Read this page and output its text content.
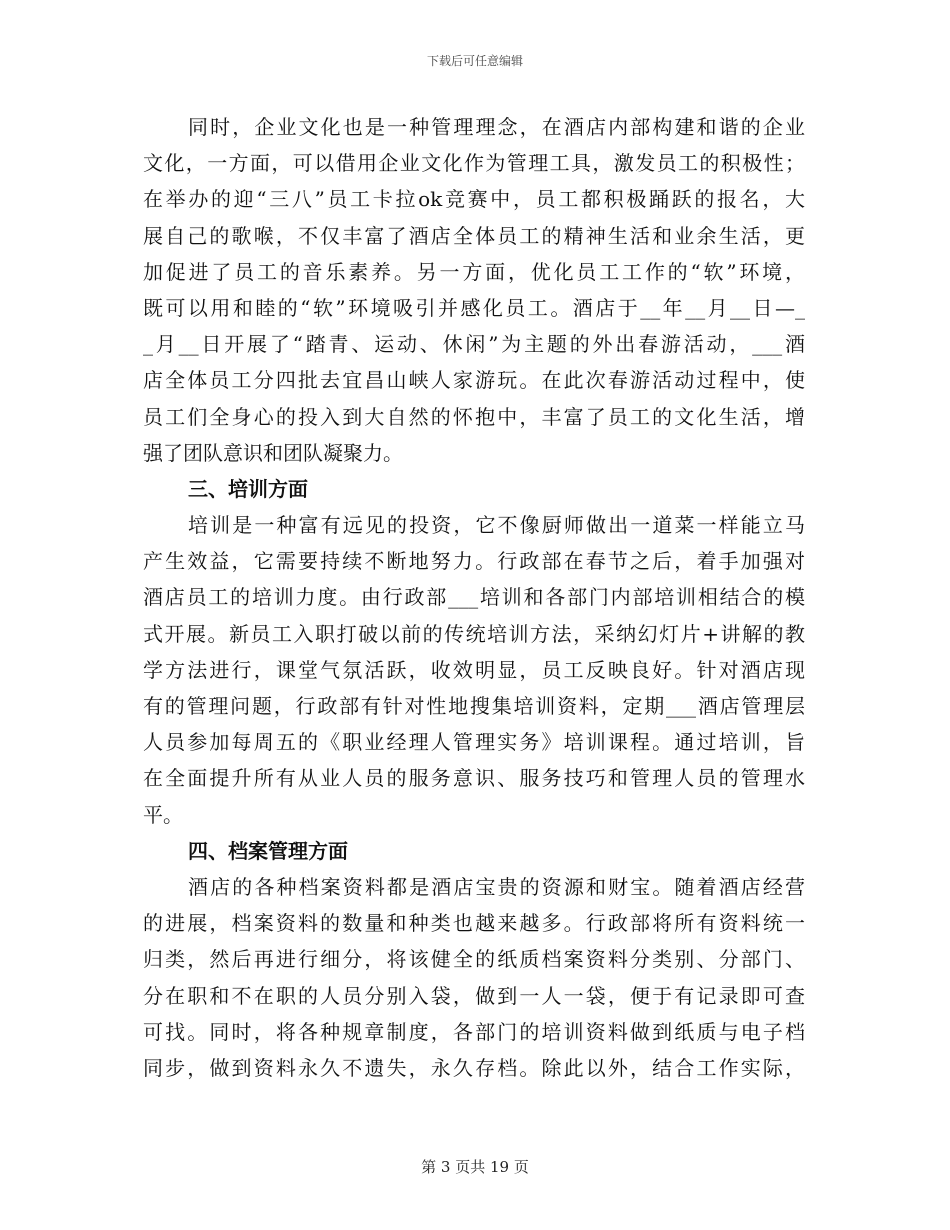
下载后可任意编辑
同时，企业文化也是一种管理理念，在酒店内部构建和谐的企业
文化，一方面，可以借用企业文化作为管理工具，激发员工的积极性；
在举办的迎“三八”员工卡拉ok竞赛中，员工都积极踊跃的报名，大
展自己的歌喉，不仅丰富了酒店全体员工的精神生活和业余生活，更
加促进了员工的音乐素养。另一方面，优化员工工作的“软”环境，
既可以用和睦的“软”环境吸引并感化员工。酒店于__年__月__日—_
_月__日开展了“踏青、运动、休闲”为主题的外出春游活动，___酒
店全体员工分四批去宜昌山峡人家游玩。在此次春游活动过程中，使
员工们全身心的投入到大自然的怀抱中，丰富了员工的文化生活，增
强了团队意识和团队凝聚力。
三、培训方面
培训是一种富有远见的投资，它不像厨师做出一道菜一样能立马
产生效益，它需要持续不断地努力。行政部在春节之后，着手加强对
酒店员工的培训力度。由行政部___培训和各部门内部培训相结合的模
式开展。新员工入职打破以前的传统培训方法，采纳幻灯片+讲解的教
学方法进行，课堂气氛活跃，收效明显，员工反映良好。针对酒店现
有的管理问题，行政部有针对性地搜集培训资料，定期___酒店管理层
人员参加每周五的《职业经理人管理实务》培训课程。通过培训，旨
在全面提升所有从业人员的服务意识、服务技巧和管理人员的管理水
平。
四、档案管理方面
酒店的各种档案资料都是酒店宝贵的资源和财宝。随着酒店经营
的进展，档案资料的数量和种类也越来越多。行政部将所有资料统一
归类，然后再进行细分，将该健全的纸质档案资料分类别、分部门、
分在职和不在职的人员分别入袋，做到一人一袋，便于有记录即可查
可找。同时，将各种规章制度，各部门的培训资料做到纸质与电子档
同步，做到资料永久不遗失，永久存档。除此以外，结合工作实际，
第 3 页共 19 页
